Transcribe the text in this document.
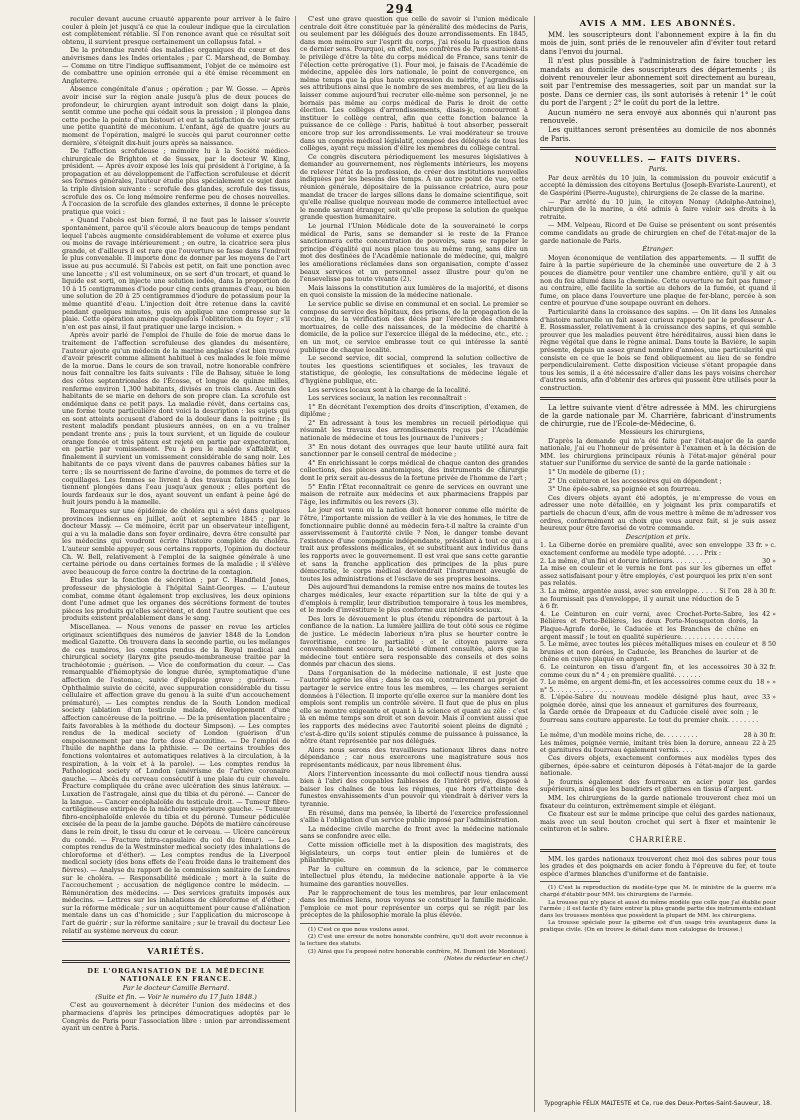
294

reculer devant aucune cruauté apparente pour arriver à le faire couler à plein jet jusqu'à ce que la couleur indique que la circulation est complètement rétablie. Si l'on renonce avant que ce résultat soit obtenu, il survient presque certainement un collapsus fatal. »

De la prétendue rareté des maladies organiques du cœur et des anévrismes dans les Indes orientales ; par C. Marshead, de Bombay. — Comme on titre l'indique suffisamment, l'objet de ce mémoire est de combattre une opinion erronée qui a été émise récemment en Angleterre.

Absence congénitale d'anus ; opération ; par W. Gosse. — Après avoir incisé sur la région anale jusqu'à plus de deux pouces de profondeur, le chirurgien ayant introduit son doigt dans la plaie, sentit comme une poche qui cédait sous la pression ; il plongea dans cette poche la pointe d'un bistouri et eut la satisfaction de voir sortir une petite quantité de méconium. L'enfant, âgé de quatre jours au moment de l'opération, malgré le succès qui parut couronner cette dernière, s'éteignit dix-huit jours après sa naissance.

De l'affection scrofuleuse ; mémoire lu à la Société médico-chirurgicale de Brighton et de Sussex, par le docteur W. King, président. — Après avoir exposé les lois qui président à l'origine, à la propagation et au développement de l'affection scrofuleuse et décrit ses formes générales, l'auteur étudie plus spécialement ce sujet dans la triple division suivante : scrofule des glandes, scrofule des tissus, scrofule des os. Ce long mémoire renferme peu de choses nouvelles. À l'occasion de la scrofule des glandes externes, il donne le précepte pratique que voici :

« Quand l'abcès est bien formé, il ne faut pas le laisser s'ouvrir spontanément, parce qu'il s'écoule alors beaucoup de temps pendant lequel l'abcès augmente considérablement de volume et exerce plus ou moins de ravage intérieurement ; en outre, la cicatrice sera plus grande, et d'ailleurs il est rare que l'ouverture se fasse dans l'endroit le plus convenable. Il importe donc de donner par les moyens de l'art issue au pus accumulé. Si l'abcès est petit, on fait une ponction avec une lancette ; s'il est volumineux, on se sert d'un trocart, et quand le liquide est sorti, on injecte une solution iodée, dans la proportion de 10 à 15 centigrammes d'iode pour cinq cents grammes d'eau, ou bien une solution de 20 à 25 centigrammes d'iodure de potassium pour la même quantité d'eau. L'injection doit être retenue dans la cavité pendant quelques minutes, puis on applique une compresse sur la plaie. Cette opération amène quelquefois l'oblitération du foyer ; s'il n'en est pas ainsi, il faut pratiquer une large incision. »

Après avoir parlé de l'emploi de l'huile de foie de morue dans le traitement de l'affection scrofuleuse des glandes du mésentère, l'auteur ajoute qu'un médecin de la marine anglaise s'est bien trouvé d'avoir prescrit comme aliment habituel à ces malades le foie même de la morue. Dans le cours de son travail, notre honorable confrère nous fait connaître les faits suivants : l'île de Bahsay, située le long des côtes septentrionales de l'Écosse, et longue de quinze milles, renferme environ 1,300 habitants, divisés en trois clans. Aucun des habitants de se marie en dehors de son propre clan. La scrofule est endémique dans ce petit pays. La maladie révèt, dans certains cas, une forme toute particulière dont voici la description : les sujets qui en sont atteints accusent d'abord de la douleur dans la poitrine ; ils restent maladifs pendant plusieurs années, on en a vu traîner pendant trente ans ; puis la toux survient, et un liquide de couleur orange foncée et très pâteux est rejeté en partie par expectoration, en partie par vomissement. Peu à peu le malade s'affaiblit, et finalement il survient un vomissement considérable de sang noir. Les habitants de ce pays vivent dans de pauvres cabanes bâties sur la terre ; ils se nourrissent de farine d'avoine, de pommes de terre et de coquillages. Les femmes se livrent à des travaux fatigants qui les tiennent plongées dans l'eau jusqu'aux genoux ; elles portent de lourds fardeaux sur le dos, ayant souvent un enfant à peine âgé de huit jours pendu à la mamelle.

Remarques sur une épidémie de choléra qui a sévi dans quelques provinces indiennes en juillet, août et septembre 1845 ; par le docteur Massy. — Ce mémoire, écrit par un observateur intelligent, qui a vu la maladie dans son foyer ordinaire, devra être consulté par les médecins qui voudront écrire l'histoire complète du choléra. L'auteur semble appuyer, sous certains rapports, l'opinion du docteur Ch. W. Bell, relativement à l'emploi de la saignée générale à une certaine période ou dans certaines formes de la maladie ; il s'élève avec beaucoup de force contre la doctrine de la contagion.

Études sur la fonction de sécrétion ; par C. Handfield Jones, professeur de physiologie à l'hôpital Saint-Georges. — L'auteur combat, comme étant également trop exclusives, les deux opinions dont l'une admet que les organes des sécrétions forment de toutes pièces les produits qu'elles sécrètent, et dont l'autre soutient que ces produits existent préalablement dans le sang.

Miscellanea. — Nous venons de passer en revue les articles originaux scientifiques des numéros de janvier 1848 de la London medical Gazette. On trouvera dans la seconde partie, ou les mélanges de ces numéros, les comptes rendus de la Royal medical and chirurgical society (larynx gite pseudo-membraneuse traitée par la trachéotomie ; guérison. — Vice de conformation du cœur. — Cas remarquable d'hémoptysie de longue durée, symptomatique d'une affection de l'estomac, suivie d'épilepsie grave ; guérison. — Ophthalmie suivie de cécité, avec suppuration considérable du tissu cellulaire et affection grave du genou à la suite d'un accouchement prématuré), — Les comptes rendus de la South London medical society (ablation d'un testicule malade, développement d'une affection cancéreuse de la poitrine. — De la présentation placentaire ; faits favorables à la méthode du docteur Simpson). — Les comptes rendus de la medical society of London (guérison d'un empoisonnement par une forte dose d'aconitine. — De l'emploi de l'huile de naphthe dans la phthisie. — De certains troubles des fonctions volontaires et automatiques relatives à la circulation, à la respiration, à la voix et à la parole). — Les comptes rendus la Pathological society of London (anévrisme de l'artère coronaire gauche. — Abcès du cerveau consécutif à une plaie du cuir chevelu. Fracture compliquée du crâne avec ulcération des sinus latéraux. — Luxation de l'astragale, ainsi que du tibia et du péroné. — Cancer de la langue. — Cancer encéphaloïde du testicule droit. — Tumeur fibro-cartilagineuse extirpée de la mâchoire supérieure gauche. — Tumeur fibro-encéphaloïde enlevée du tibia et du péroné. Tumeur pédiculée excisée de la peau de la jambe gauche. Dépôts de matière cancéreuse dans le rein droit, le tissu du cœur et le cerveau. — Ulcère cancéreux du condé. — Fracture intra-capsulaire du col du fémur). — Les comptes rendus de la Westminster medical society (des inhalations de chloroforme et d'éther). — Les comptes rendus de la Liverpool medical society (des bons effets de l'eau froide dans le traitement des fièvres). — Analyse du rapport de la commission sanitaire de Londres sur le choléra. — Responsabilité médicale ; mort à la suite de l'accouchement ; accusation de négligence contre le médecin. — Rémunération des médecins. — Des services gratuits imposés aux médecins. — Lettres sur les inhalations de chloroforme et d'éther ; sur la réforme médicale ; sur un acquittement pour cause d'aliénation mentale dans un cas d'homicide ; sur l'application du microscope à l'art de guérir ; sur la réforme sanitaire ; sur le travail du docteur Lee relatif au système nerveux du cœur.

VARIÉTÉS.
DE L'ORGANISATION DE LA MÉDECINE NATIONALE EN FRANCE.
Par le docteur Camille Bernard.
(Suite et fin. — Voir le numéro du 17 Juin 1848.)

C'est au gouvernement à décréter l'union des médecins et des pharmaciens d'après les principes démocratiques adoptés par le Congrès de Paris pour l'association libre : union par arrondissement ayant un centre à Paris.

C'est une grave question que celle de savoir si l'union médicale centrale doit être constituée par la généralité des médecins de Paris, ou seulement par les délégués des douze arrondissements. En 1845, dans mon mémoire sur l'esprit du corps, j'ai résolu la question dans ce dernier sens. Pourquoi, en effet, nos confrères de Paris auraient-ils le privilège d'être la tête du corps médical de France, sans tenir de l'élection cette prérogative (1). Pour moi, je faisais de l'Académie de médecine, appelée dès lors nationale, le point de convergence, en même temps que la plus haute expression du mérite, j'agrandissais ses attributions ainsi que le nombre de ses membres, et au lieu de la laisser comme aujourd'hui recruter elle-même son personnel, je ne bornais pas même au corps médical de Paris le droit de cette élection. Les collèges d'arrondissements, disais-je, concourront à instituer le collège central, afin que cette fonction balance la puissance de ce collège : Paris, habitué à tout absorber, pesserait encore trop sur les arrondissements. Le vrai modérateur se trouve dans un congrès médical législatif, composé des délégués de tous les collèges, ayant reçu mission d'élire les membres du collège central.

Ce congrès discutera périodiquement les mesures législatives à demander au gouvernement, nos règlements intérieurs, les moyens de relever l'état de la profession, de créer des institutions nouvelles indiquées par les besoins des temps. À un autre point de vue, cette réunion générale, dépositaire de la puissance créatrice, aura pour mandat de tracer de larges sillons dans le domaine scientifique, soit qu'elle réalise quelque nouveau mode de commerce intellectuel avec le monde savant étranger, soit qu'elle propose la solution de quelque grande question humanitaire.

Le journal l'Union Médicale dote de la souveraineté le corps médical de Paris, sans se demander si le reste de la France sanctionnera cette concentration de pouvoirs, sans se rappeler le principe d'égalité qui nous place tous au même rang, sans dire un mot des destinées de l'Académie nationale de médecine, qui, malgré les améliorations réclamées dans son organisation, compte d'assez beaux services et un personnel assez illustre pour qu'on ne l'ensevelisse pas toute vivante (2).

Mais laissons la constitution aux lumières de la majorité, et disons en quoi consiste la mission de la médecine nationale.

Le service public se divise en communal et en social. Le premier se compose du service des hôpitaux, des prisons, de la propagation de la vaccine, de la vérification des décès par l'érection des chambres mortuaires, de celle des naissances, de la médecine de charité à domicile, de la police sur l'exercice illégal de la médecine, etc., etc. ; en un mot, ce service embrasse tout ce qui intéresse la santé publique de chaque localité.

Le second service, dit social, comprend la solution collective de toutes les questions scientifiques et sociales, les travaux de statistique, de géologie, les consultations de médecine légale et d'hygiène publique, etc.

Les services locaux sont à la charge de la localité.

Les services sociaux, la nation les reconnaîtrait :

1° En décrétant l'exemption des droits d'inscription, d'examen, de diplôme ;

2° En adressant à tous les membres un recueil périodique qui résumât les travaux des arrondissements reçus par l'Académie nationale de médecine et tous les journaux de l'univers ;

3° En nous dotant des ouvrages que leur haute utilité aura fait sanctionner par le conseil central de médecine ;

4° En enrichissant le corps médical de chaque canton des grandes collections, des pièces anatomiques, des instruments de chirurgie dont le prix serait au-dessus de la fortune privée de l'homme de l'art ;

5° Enfin l'État reconnaîtrait ce genre de services en ouvrant une maison de retraite aux médecins et aux pharmaciens frappés par l'âge, les infirmités ou les revers (3).

Le jour est venu où la nation doit honorer comme elle mérite de l'être, l'importante mission de veiller à la vie des hommes, le titre de fonctionnaire public donné au médecin fera-t-il naître la crainte d'un asservissement à l'autorité civile ? Non, le danger tombe devant l'existence d'une compagnie indépendante, présidant à tout ce qui a trait aux professions médicales, et se substituant aux individus dans les rapports avec le gouvernement. Il est vrai que sans cette garantie et sans la franche application des principes de la plus pure démocratie, le corps médical deviendrait l'instrument aveugle de toutes les administrations et l'esclave de ses propres besoins.

Dès aujourd'hui demandons la remise entre nos mains de toutes les charges médicales, leur exacte répartition sur la tête de qui y a d'emplois à remplir, leur distribution temporaire à tous les membres, et le mode d'investiture le plus conforme aux intérêts sociaux.

Des lors le dévouement le plus étendu répondra de partout à la confiance de la nation. La lumière jaillira de tout côté sous ce régime de justice. Le médecin laborieux n'ira plus se heurter contre le favoritisme, contre le partialité : et le citoyen pauvre sera convenablement secouru, la société dûment consultée, alors que la médecine tout entière sera responsable des conseils et des soins donnés par chacun des siens.

Dans l'organisation de la médecine nationale, il est juste que l'autorité agrée les élus ; dans le cas où, contrairement au projet de partager le service entre tous les membres, — les charges seraient données à l'élection. Il importe qu'elle exerce sur la manière dont les emplois sont remplis un contrôle sévère. Il faut que de plus en plus elle se montre exigeante et quant à la science et quant au zèle : c'est là en même temps son droit et son devoir. Mais il convient aussi que les rapports des médecins avec l'autorité soient pleins de dignité ; c'est-à-dire qu'ils soient stipulés comme de puissance à puissance, la nôtre étant représentée par nos délégués.

Alors nous serons des travailleurs nationaux libres dans notre dépendance ; car nous exercerons une magistrature sous nos représentants médicaux, par nous librement élus.

Alors l'intervention incessante du moi collectif nous tiendra aussi bien à l'abri des coupables faiblesses de l'intérêt privé, disposé à baiser les chaînes de tous les régimes, que hors d'atteinte des funestes envahissements d'un pouvoir qui viendrait à dériver vers la tyrannie.

En résumé, dans ma pensée, la liberté de l'exercice professionnel s'allie à l'obligation d'un service public imposé par l'administration.

La médecine civile marche de front avec la médecine nationale sans se confondre avec elle.

Cette mission officielle met à la disposition des magistrats, des législateurs, un corps tout entier plein de lumières et de philanthropie.

Par la culture en commun de la science, par le commerce intellectuel plus étendu, la médecine nationale apporte à la vie humaine des garanties nouvelles.

Par le rapprochement de tous les membres, par leur enlacement dans les mêmes liens, nous voyons se constituer la famille médicale. J'emploie ce mot pour représenter un corps qui se régit par les préceptes de la philosophie morale la plus élevée.

(1) C'est ce que nous voulons aussi.

(2) C'est une erreur de notre honorable confrère, qu'il doit avoir reconnue à la lecture des statuts.

(3) Ainsi que l'a proposé notre honorable confrère, M. Dumont (de Monteux).

(Notes du rédacteur en chef.)

AVIS A MM. LES ABONNÉS.

MM. les souscripteurs dont l'abonnement expire à la fin du mois de juin, sont priés de le renouveler afin d'éviter tout retard dans l'envoi du journal.

Il n'est plus possible à l'administration de faire toucher les mandats au domicile des souscripteurs des départements ; ils doivent renouveler leur abonnement soit directement au bureau, soit par l'entremise des messageries, soit par un mandat sur la poste. Dans ce dernier cas, ils sont autorisés à retenir 1° le coût du port de l'argent ; 2° le coût du port de la lettre.

Aucun numéro ne sera envoyé aux abonnés qui n'auront pas renouvelé.

Les quittances seront présentées au domicile de nos abonnés de Paris.

NOUVELLES. — FAITS DIVERS.
Paris.

Par deux arrêtés du 10 juin, la commission du pouvoir exécutif a accepté la démission des citoyens Bertulus (Joseph-Evariste-Laurent), et de Gaspérini (Pierre-Auguste), chirurgiens de 2e classe de la marine.

— Par arrêté du 10 juin, le citoyen Nonay (Adolphe-Antoine), chirurgien de la marine, a été admis à faire valoir ses droits à la retraite.

— MM. Velpeau, Ricord et De Guise se présentent ou sont présentés comme candidats au grade de chirurgien en chef de l'état-major de la garde nationale de Paris.

Étranger.

Moyen économique de ventilation des appartements. — Il suffit de faire à la partie supérieure de la cheminée une ouverture de 2 à 3 pouces de diamètre pour ventiler une chambre entière, qu'il y ait ou non du feu allumé dans la cheminée. Cette ouverture ne fait pas fumer ; au contraire, elle facilite la sortie au dehors de la fumée, et quand il fume, on place dans l'ouverture une plaque de fer-blanc, percée à son centre et pourvue d'une soupape ouvrant en dehors.

Particularité dans la croissance des sapins. — On lit dans les Annales d'histoire naturelle un fait assez curieux rapporté par le professeur A.-E. Rossmassler, relativement à la croissance des sapins, et qui semble prouver que les maladies peuvent être héréditaires, aussi bien dans le règne végétal que dans le règne animal. Dans toute la Bavière, le sapin présente, depuis un assez grand nombre d'années, une particularité qui consiste en ce que le bois se fend obliquement au lieu de se fendre perpendiculairement. Cette disposition vicieuse s'étant propagée dans tous les semis, il a été nécessaire d'aller dans les pays voisins chercher d'autres semis, afin d'obtenir des arbres qui pussent être utilisés pour la construction.

La lettre suivante vient d'être adressée à MM. les chirurgiens de la garde nationale par M. Charrière, fabricant d'instruments de chirurgie, rue de l'École-de-Médecine, 6.

Messieurs les chirurgiens,

D'après la demande qui m'a été faite par l'état-major de la garde nationale, j'ai eu l'honneur de présenter à l'examen et à la décision de MM. les chirurgiens principaux réunis à l'état-major général pour statuer sur l'uniforme du service de santé de la garde nationale :

1° Un modèle de giberne (1) ;

2° Un ceinturon et les accessoires qui en dépendent ;

3° Une épée-sabre, sa poignée et son fourreau.

Ces divers objets ayant été adoptés, je m'empresse de vous en adresser une note détaillée, en y joignant les prix comparatifs et partiels de chacun d'eux, afin de vous mettre à même de m'adresser vos ordres, conformément au choix que vous aurez fait, si je suis assez heureux pour être favorisé de votre commande.

Description et prix.
1. La Giberne dorée en première qualité, avec son enveloppe exactement conforme au modèle type adopté. . . . . Prix :
33 fr. » c.
2. La même, d'un fini et dorure inférieurs. . . . . . . . . .	30 »
La mise en couleur et le vernis ne font pas sur les gibernes un effet assez satisfaisant pour y être employés, c'est pourquoi les prix n'en sont pas relatés.
3. La même, argentée aussi, avec son enveloppe. . . . . Si l'on ne fournissait pas d'enveloppe, il y aurait une réduction de 5 à 6 fr.
28 à 30 fr.
4. Le Ceinturon en cuir verni, avec Crochet-Porte-Sabre, les Bélières et Porte-Bélières, les deux Porte-Mousqueton dorés, la Plaque-Agrafe dorée, le Caducée et les Branches de chêne en argent massif ; le tout en qualité supérieure. . . . . . . . . . . . . . . .
42 »
5. Le même, avec toutes les pièces métalliques mises en couleur et brunies et non dorées, le Caducée, les Branches de laurier et de chêne en cuivre plaqué en argent.
8 50
6. Le ceinturon en tissu d'argent fin, et les accessoires comme ceux du n° 4 ; en première qualité. . . . . . .
30 à 32 fr.
7. Le même, en argent demi-fin, et les accessoires comme ceux du n° 5. . . . . . . . . . . . . . . .
18 » »
8. L'épée-Sabre du nouveau modèle désigné plus haut, avec poignée dorée, ainsi que les anneaux et garnitures des fourreaux, la Garde ornée de Drapeaux et du Caducée ciselé avec soin ; le fourreau sans couture appareste. Le tout du premier choix. . . . . . . . . .
33 »
Le même, d'un modèle moins riche, de. . . . . . . . .	28 à 30 fr.
Les mêmes, poignée vernie, imitant très bien la dorure, anneau et garnitures du fourreau également vernis. . . .
22 à 25

Ces divers objets, exactement conformes aux modèles types des gibernes, épée-sabre et ceinturon déposés à l'état-major de la garde nationale.

Je fournis également des fourreaux en acier pour les gardes supérieurs, ainsi que les baudriers et gibernes en tissus d'argent.

MM. les chirurgiens de la garde nationale trouveront chez moi un fixateur du ceinturon, extrêmement simple et élégant.

Ce fixateur est sur le même principe que celui des gardes nationaux, mais avec un seul bouton crochet qui sert à fixer et maintenir le ceinturon et le sabre.

CHARRIÈRE.

MM. les gardes nationaux trouveront chez moi des sabres pour tous les grades et des poignards en acier fondu à l'épreuve du fer, et toute espèce d'armes blanches d'uniforme et de fantaisie.

(1) C'est la reproduction du modèle-type que M. le ministre de la guerre m'a chargé d'établir pour MM. les chirurgiens de l'armée.

La trousse qui n'y place et aussi du même modèle que celle que j'ai établie pour l'armée ; il est facile d'y faire entrer la plus grande partie des instruments existant dans les trousses montées que possèdent la plupart de MM. les chirurgiens.

La trousse spéciale pour la giberne est d'un usage très avantageux dans la pratique civile. (On en trouve le détail dans mon catalogue de trousse.)

Typographie FÉLIX MALTESTE et Ce, rue des Deux-Portes-Saint-Sauveur, 18.
